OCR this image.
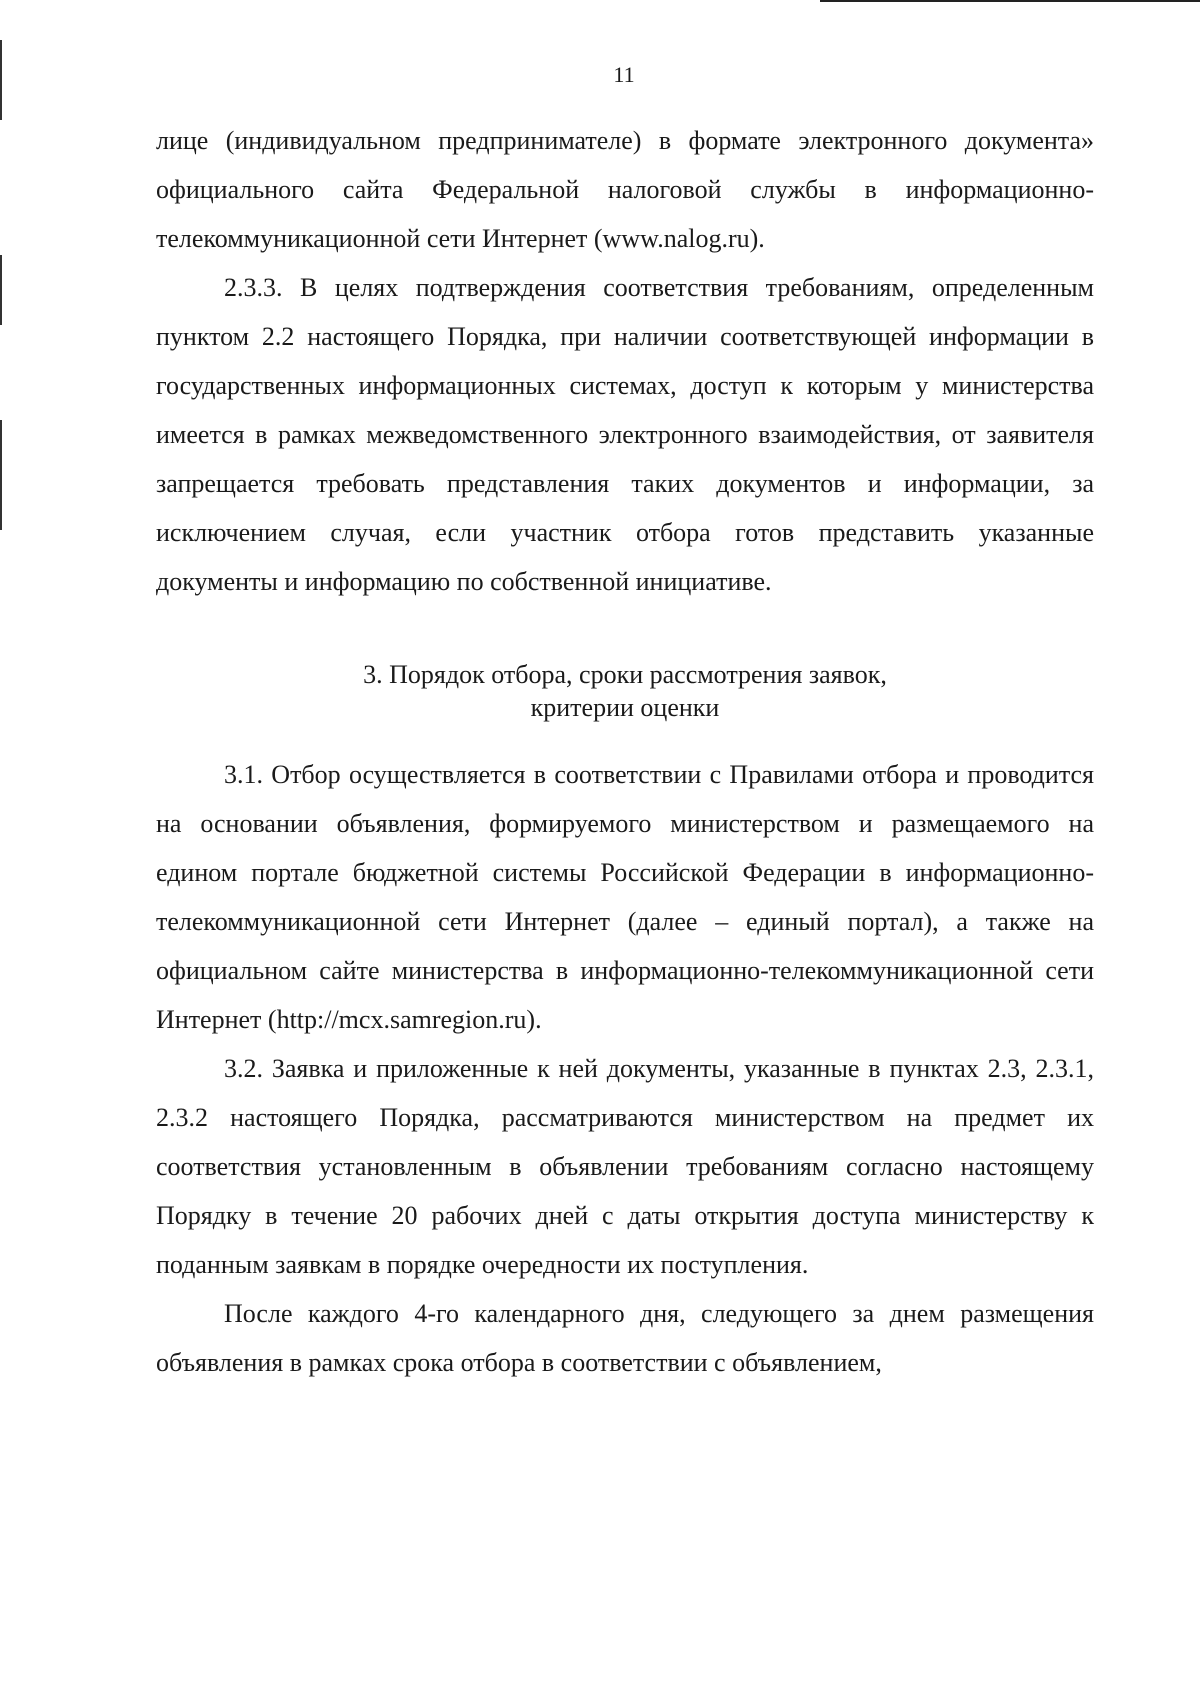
11

лице (индивидуальном предпринимателе) в формате электронного документа» официального сайта Федеральной налоговой службы в информационно-телекоммуникационной сети Интернет (www.nalog.ru).

2.3.3. В целях подтверждения соответствия требованиям, определенным пунктом 2.2 настоящего Порядка, при наличии соответствующей информации в государственных информационных системах, доступ к которым у министерства имеется в рамках межведомственного электронного взаимодействия, от заявителя запрещается требовать представления таких документов и информации, за исключением случая, если участник отбора готов представить указанные документы и информацию по собственной инициативе.

3. Порядок отбора, сроки рассмотрения заявок,

критерии оценки

3.1. Отбор осуществляется в соответствии с Правилами отбора и проводится на основании объявления, формируемого министерством и размещаемого на едином портале бюджетной системы Российской Федерации в информационно-телекоммуникационной сети Интернет (далее – единый портал), а также на официальном сайте министерства в информационно-телекоммуникационной сети Интернет (http://mcx.samregion.ru).

3.2. Заявка и приложенные к ней документы, указанные в пунктах 2.3, 2.3.1, 2.3.2 настоящего Порядка, рассматриваются министерством на предмет их соответствия установленным в объявлении требованиям согласно настоящему Порядку в течение 20 рабочих дней с даты открытия доступа министерству к поданным заявкам в порядке очередности их поступления.

После каждого 4-го календарного дня, следующего за днем размещения объявления в рамках срока отбора в соответствии с объявлением,
